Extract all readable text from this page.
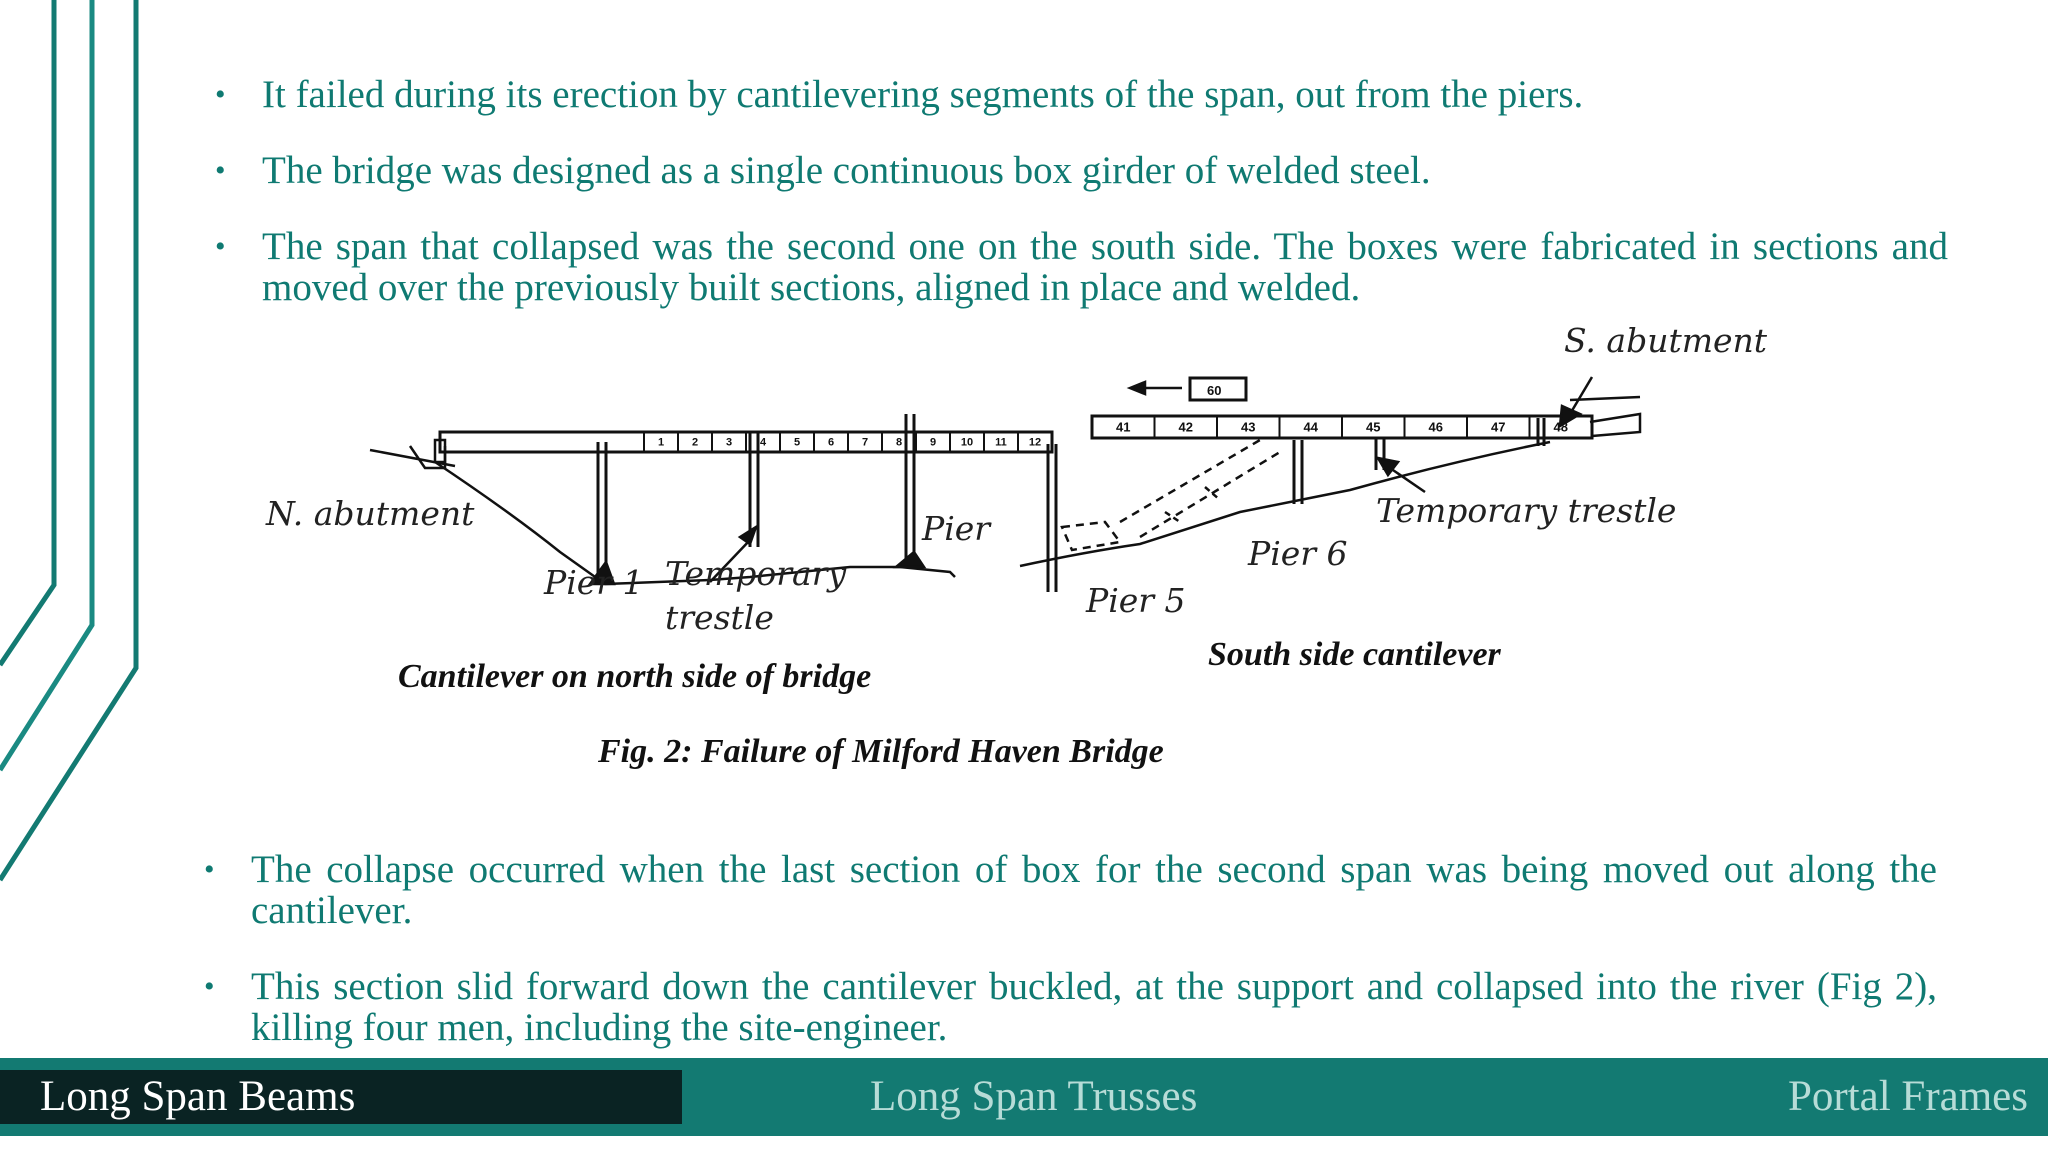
• It failed during its erection by cantilevering segments of the span, out from the piers.
• The bridge was designed as a single continuous box girder of welded steel.
• The span that collapsed was the second one on the south side. The boxes were fabricated in sections and moved over the previously built sections, aligned in place and welded.
1	2	3	4	5	6	7	8	9 10 11 12
N. abutment	Pier
Pier 1 Temporary
trestle
Cantilever on north side of bridge
41	42	43	44	45	46	47	48
60
S. abutment
Temporary trestle
Pier 6
Pier 5
South side cantilever
Fig. 2: Failure of Milford Haven Bridge
• The collapse occurred when the last section of box for the second span was being moved out along the cantilever.
• This section slid forward down the cantilever buckled, at the support and collapsed into the river (Fig 2), killing four men, including the site-engineer.
Long Span Beams	Long Span Trusses	Portal Frames
